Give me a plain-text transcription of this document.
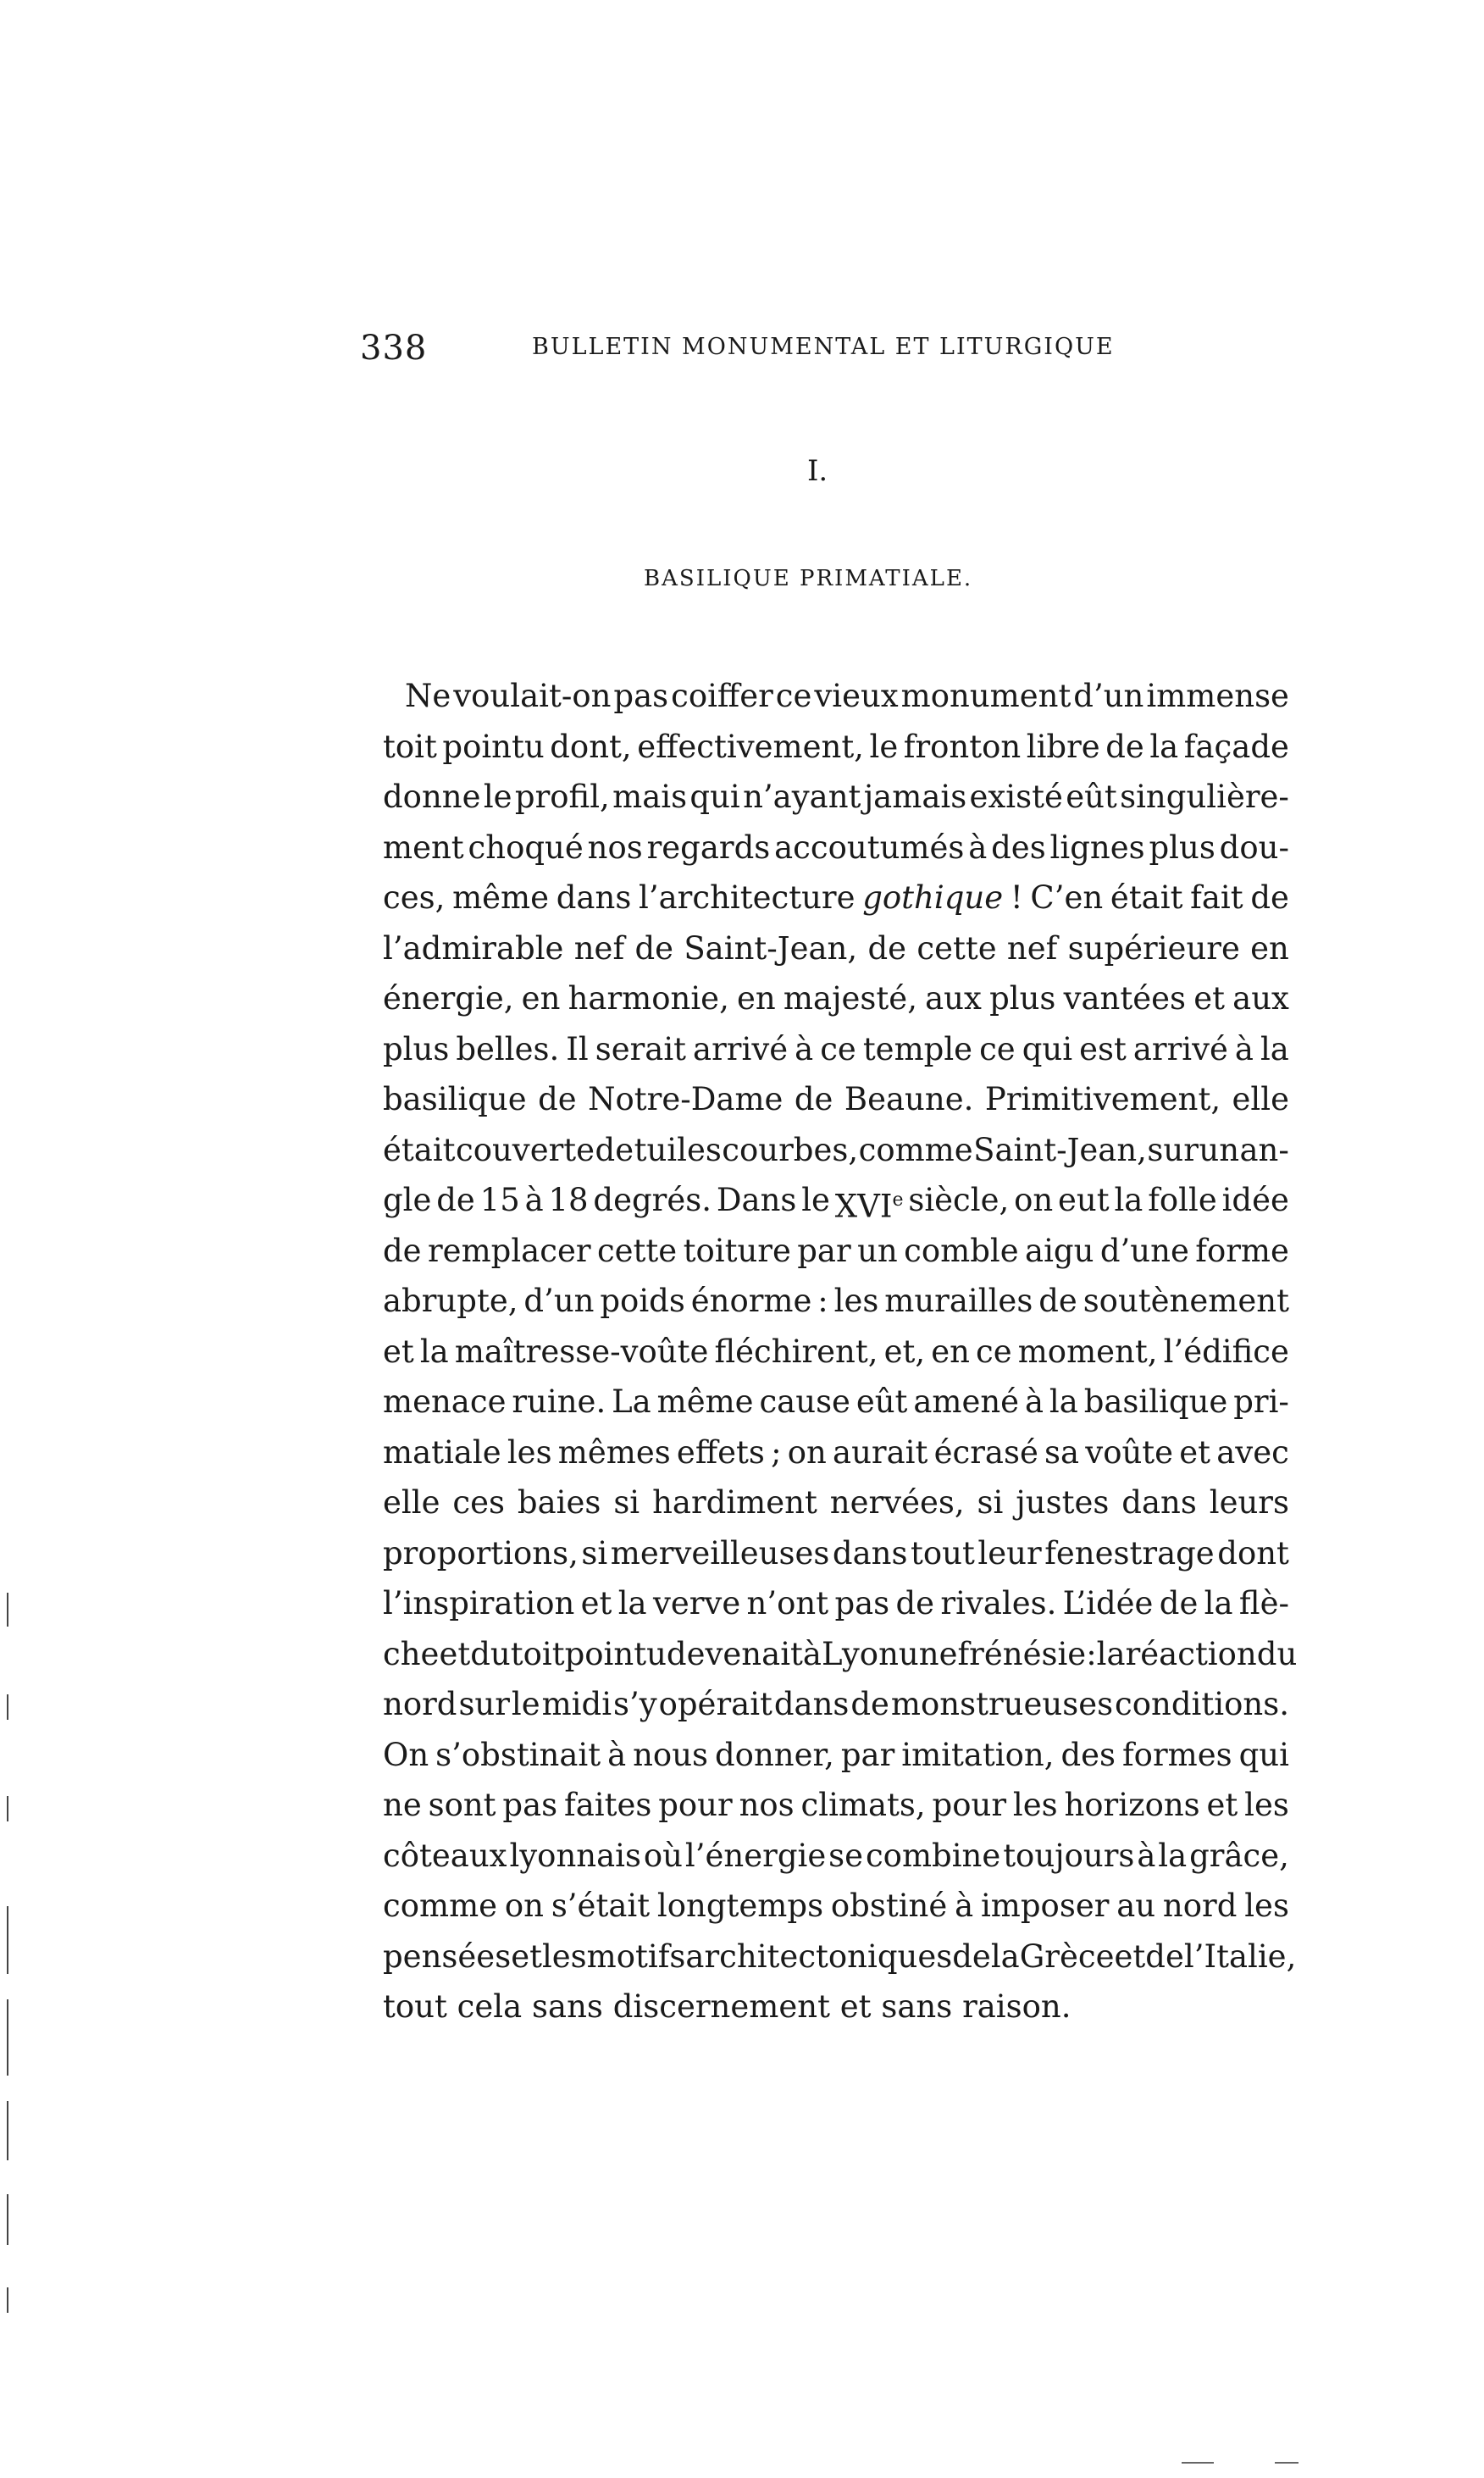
338	BULLETIN MONUMENTAL ET LITURGIQUE
I.
BASILIQUE PRIMATIALE.
Ne voulait-on pas coiffer ce vieux monument d’un immense
toit pointu dont, effectivement, le fronton libre de la façade
donne le profil, mais qui n’ayant jamais existé eût singulière-
ment choqué nos regards accoutumés à des lignes plus dou-
ces, même dans l’architecture gothique ! C’en était fait de
l’admirable nef de Saint-Jean, de cette nef supérieure en
énergie, en harmonie, en majesté, aux plus vantées et aux
plus belles. Il serait arrivé à ce temple ce qui est arrivé à la
basilique de Notre-Dame de Beaune. Primitivement, elle
était couverte de tuiles courbes, comme Saint-Jean, sur un an-
gle de 15 à 18 degrés. Dans le XVIe siècle, on eut la folle idée
de remplacer cette toiture par un comble aigu d’une forme
abrupte, d’un poids énorme : les murailles de soutènement
et la maîtresse-voûte fléchirent, et, en ce moment, l’édifice
menace ruine. La même cause eût amené à la basilique pri-
matiale les mêmes effets ; on aurait écrasé sa voûte et avec
elle ces baies si hardiment nervées, si justes dans leurs
proportions, si merveilleuses dans tout leur fenestrage dont
l’inspiration et la verve n’ont pas de rivales. L’idée de la flè-
che et du toit pointu devenait à Lyon une frénésie : la réaction du
nord sur le midi s’y opérait dans de monstrueuses conditions.
On s’obstinait à nous donner, par imitation, des formes qui
ne sont pas faites pour nos climats, pour les horizons et les
côteaux lyonnais où l’énergie se combine toujours à la grâce,
comme on s’était longtemps obstiné à imposer au nord les
pensées et les motifs architectoniques de la Grèce et de l’Italie,
tout cela sans discernement et sans raison.
